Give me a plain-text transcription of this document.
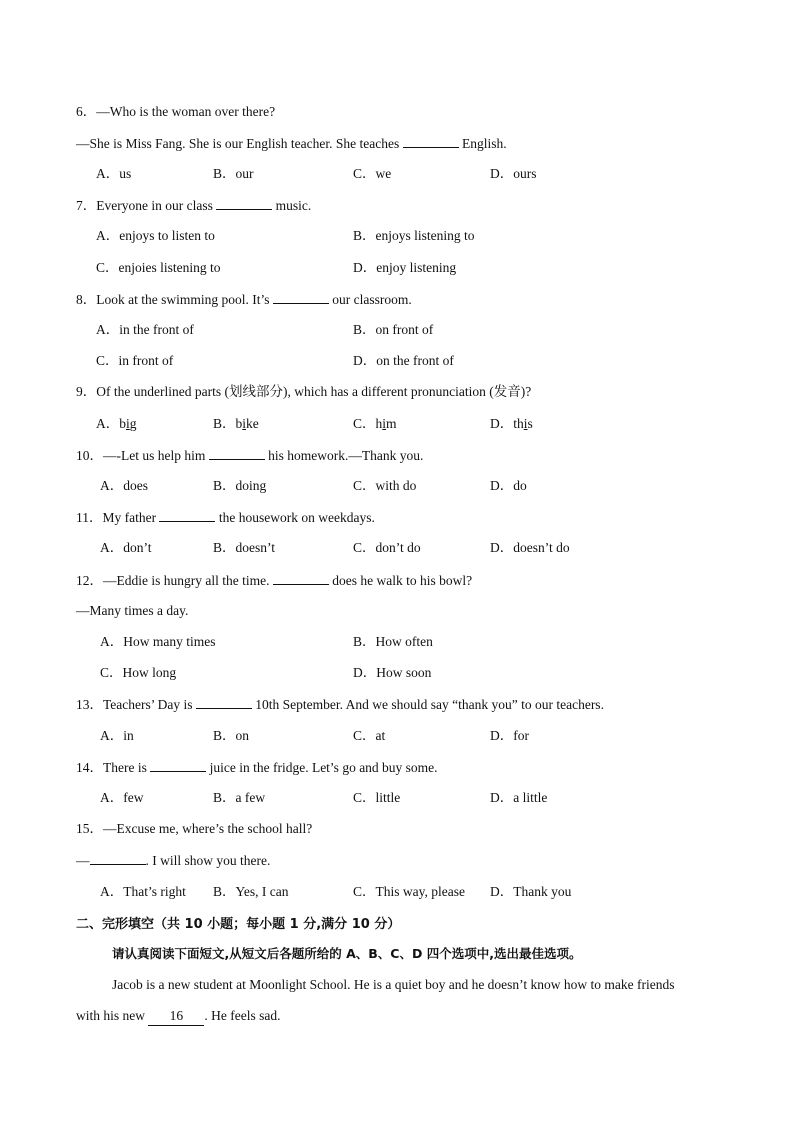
6．—Who is the woman over there?
—She is Miss Fang. She is our English teacher. She teaches	English.
A．us	B．our	C．we	D．ours
7．Everyone in our class	music.
A．enjoys to listen to	B．enjoys listening to
C．enjoies listening to	D．enjoy listening
8．Look at the swimming pool. It’s	our classroom.
A．in the front of	B．on front of
C．in front of	D．on the front of
9．Of the underlined parts (划线部分), which has a different pronunciation (发音)?
A．big	B．bike	C．him	D．this
10．—-Let us help him	his homework.—Thank you.
A．does	B．doing	C．with do	D．do
11．My father	the housework on weekdays.
A．don’t	B．doesn’t	C．don’t do	D．doesn’t do
12．—Eddie is hungry all the time.	does he walk to his bowl?
—Many times a day.
A．How many times	B．How often
C．How long	D．How soon
13．Teachers’ Day is	10th September. And we should say “thank you” to our teachers.
A．in	B．on	C．at	D．for
14．There is	juice in the fridge. Let’s go and buy some.
A．few	B．a few	C．little	D．a little
15．—Excuse me, where’s the school hall?
—	. I will show you there.
A．That’s right B．Yes, I can	C．This way, please D．Thank you
二、完形填空（共 10 小题；每小题 1 分,满分 10 分）
请认真阅读下面短文,从短文后各题所给的 A、B、C、D 四个选项中,选出最佳选项。
Jacob is a new student at Moonlight School. He is a quiet boy and he doesn’t know how to make friends
with his new 16 . He feels sad.
